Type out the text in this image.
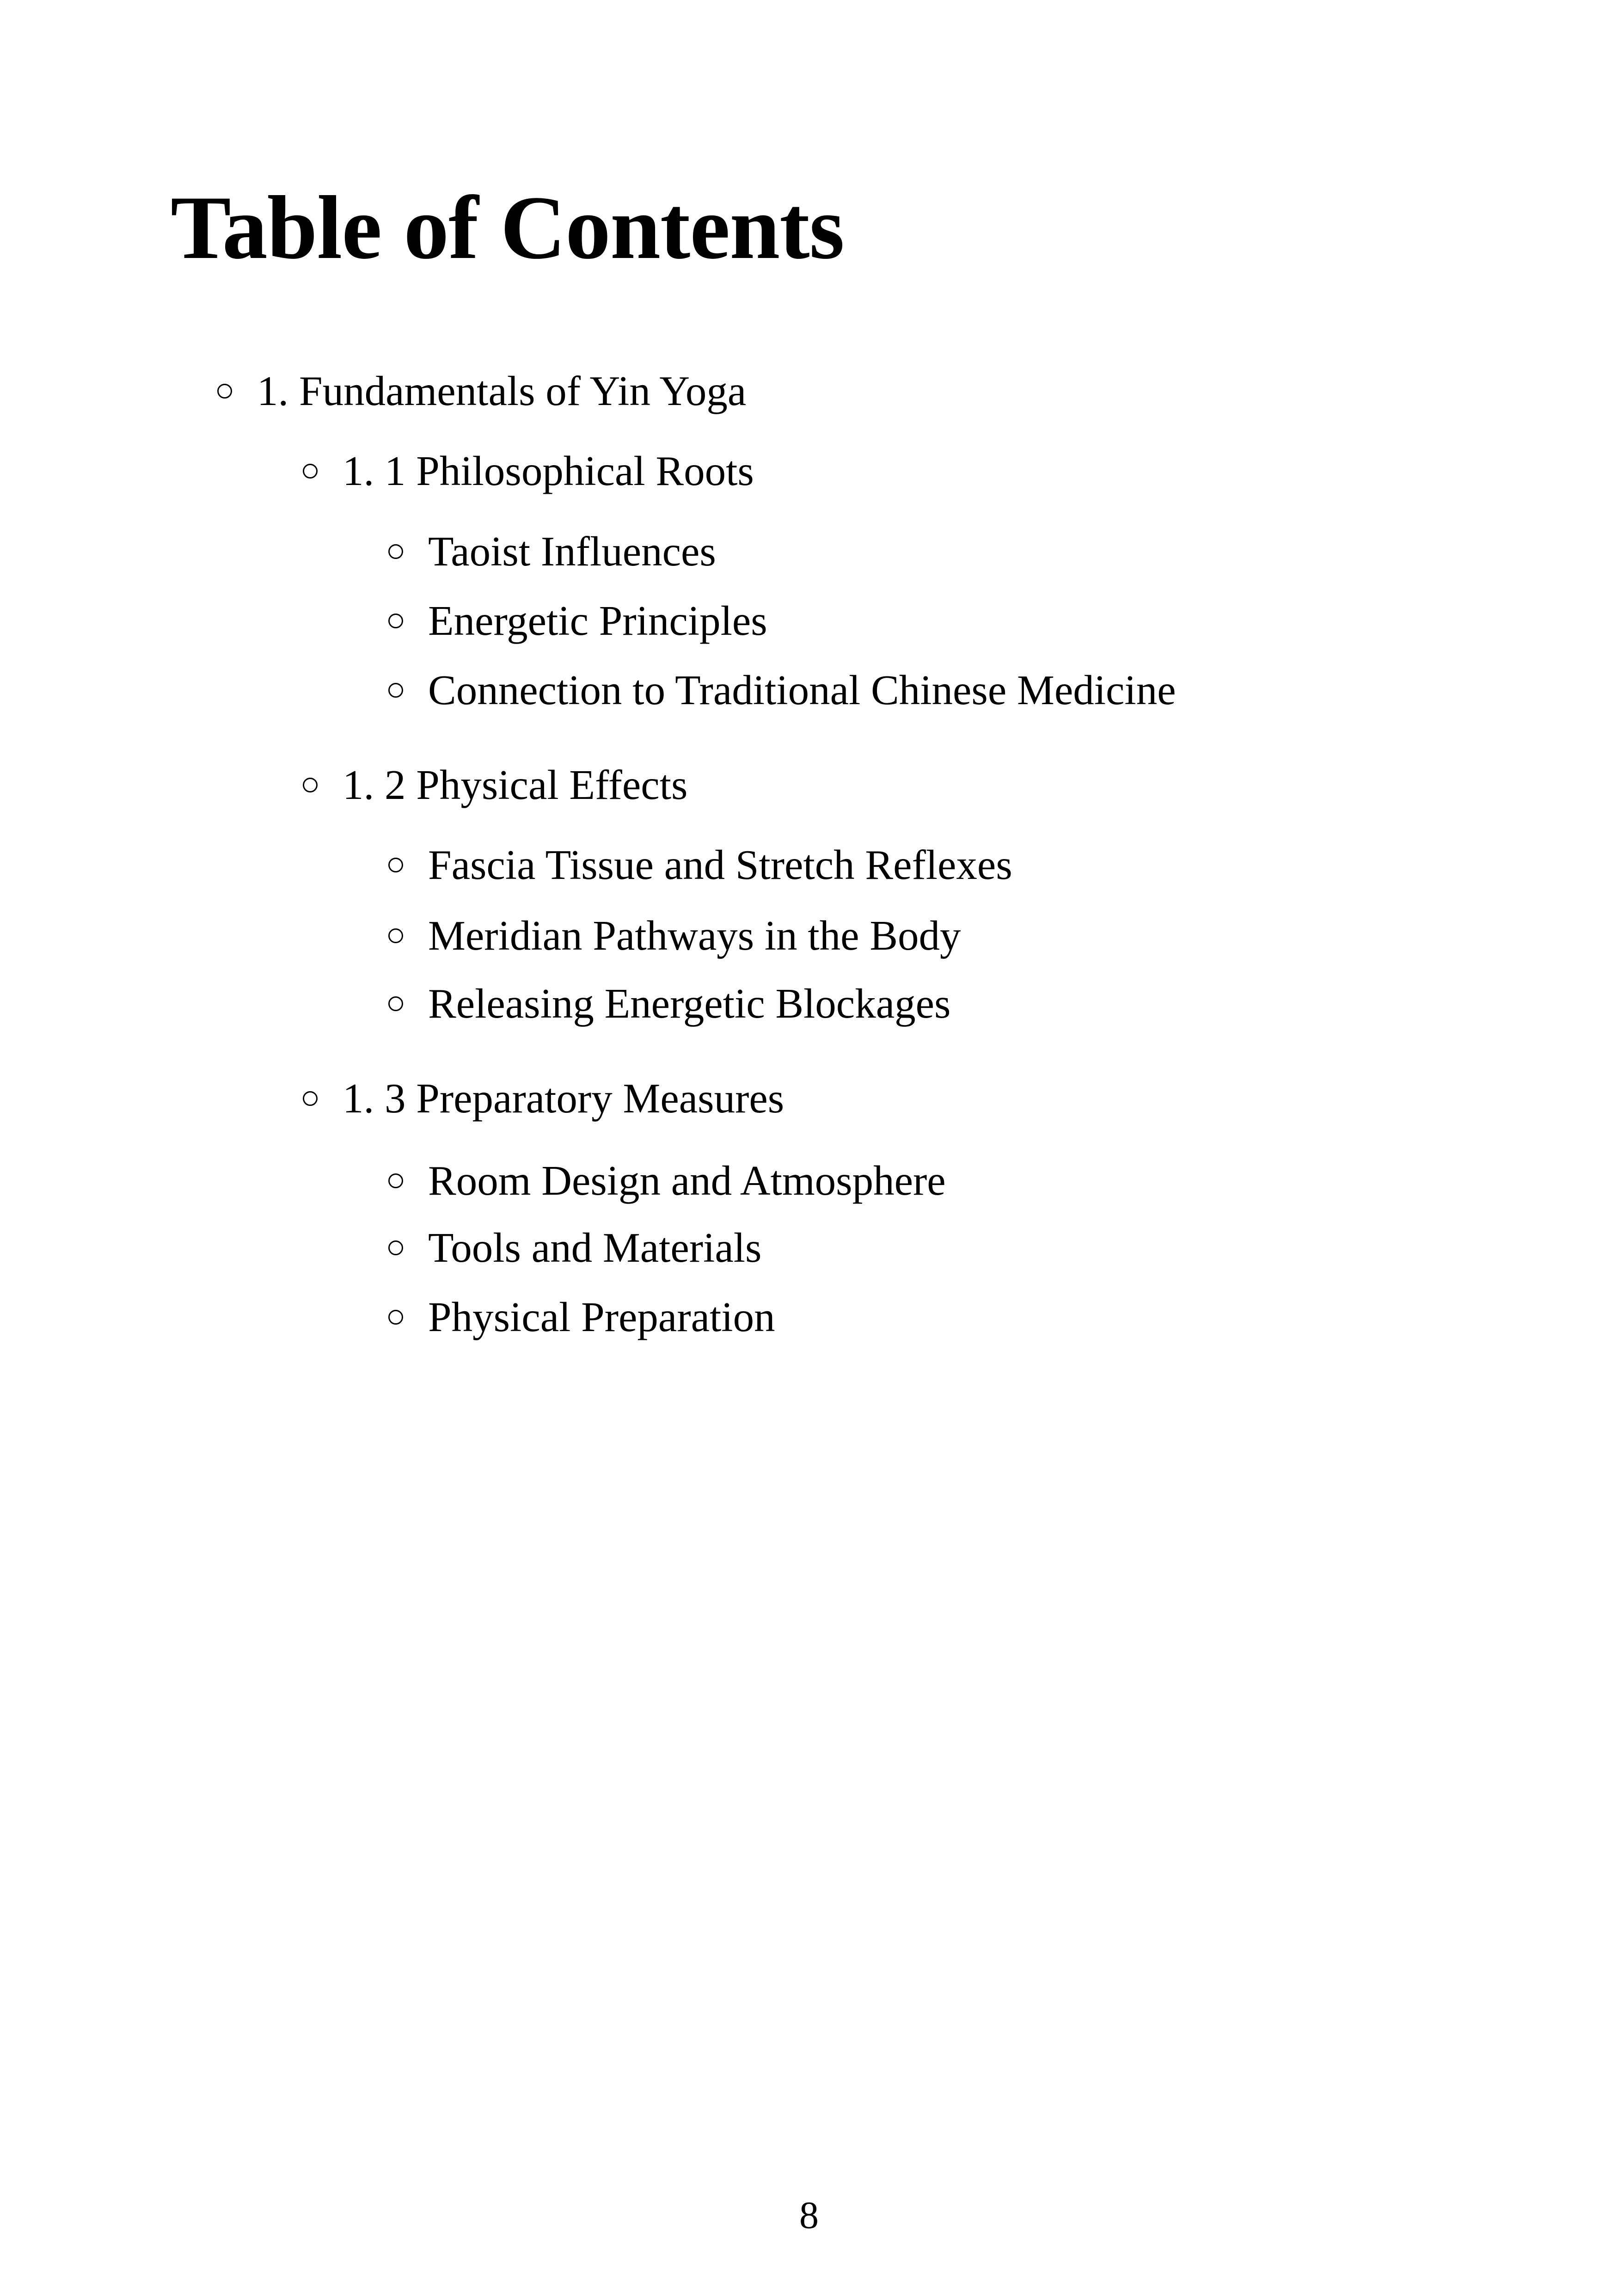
Table of Contents
1. Fundamentals of Yin Yoga
1. 1 Philosophical Roots
Taoist Influences
Energetic Principles
Connection to Traditional Chinese Medicine
1. 2 Physical Effects
Fascia Tissue and Stretch Reflexes
Meridian Pathways in the Body
Releasing Energetic Blockages
1. 3 Preparatory Measures
Room Design and Atmosphere
Tools and Materials
Physical Preparation
8
